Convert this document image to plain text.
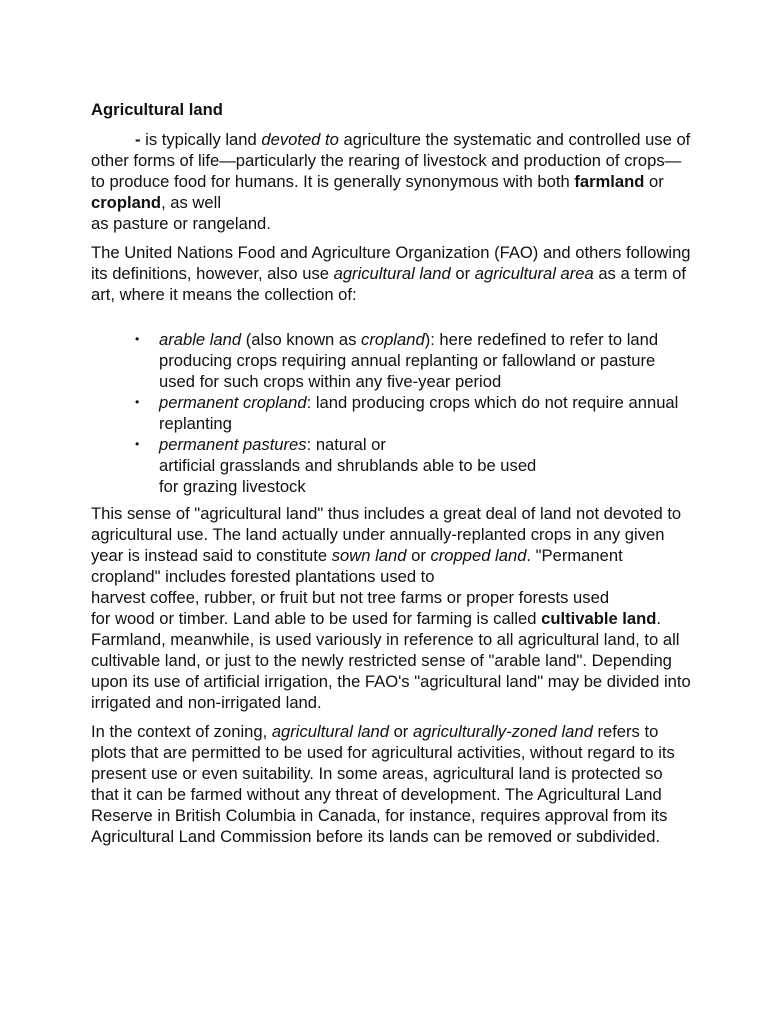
Agricultural land

- is typically land devoted to agriculture the systematic and controlled use of other forms of life—particularly the rearing of livestock and production of crops—to produce food for humans. It is generally synonymous with both farmland or cropland, as well
as pasture or rangeland.

The United Nations Food and Agriculture Organization (FAO) and others following its definitions, however, also use agricultural land or agricultural area as a term of art, where it means the collection of:

• arable land (also known as cropland): here redefined to refer to land producing crops requiring annual replanting or fallowland or pasture used for such crops within any five-year period
• permanent cropland: land producing crops which do not require annual replanting
• permanent pastures: natural or
artificial grasslands and shrublands able to be used
for grazing livestock

This sense of "agricultural land" thus includes a great deal of land not devoted to agricultural use. The land actually under annually-replanted crops in any given year is instead said to constitute sown land or cropped land. "Permanent cropland" includes forested plantations used to
harvest coffee, rubber, or fruit but not tree farms or proper forests used
for wood or timber. Land able to be used for farming is called cultivable land. Farmland, meanwhile, is used variously in reference to all agricultural land, to all cultivable land, or just to the newly restricted sense of "arable land". Depending upon its use of artificial irrigation, the FAO's "agricultural land" may be divided into irrigated and non-irrigated land.

In the context of zoning, agricultural land or agriculturally-zoned land refers to plots that are permitted to be used for agricultural activities, without regard to its present use or even suitability. In some areas, agricultural land is protected so that it can be farmed without any threat of development. The Agricultural Land Reserve in British Columbia in Canada, for instance, requires approval from its Agricultural Land Commission before its lands can be removed or subdivided.
